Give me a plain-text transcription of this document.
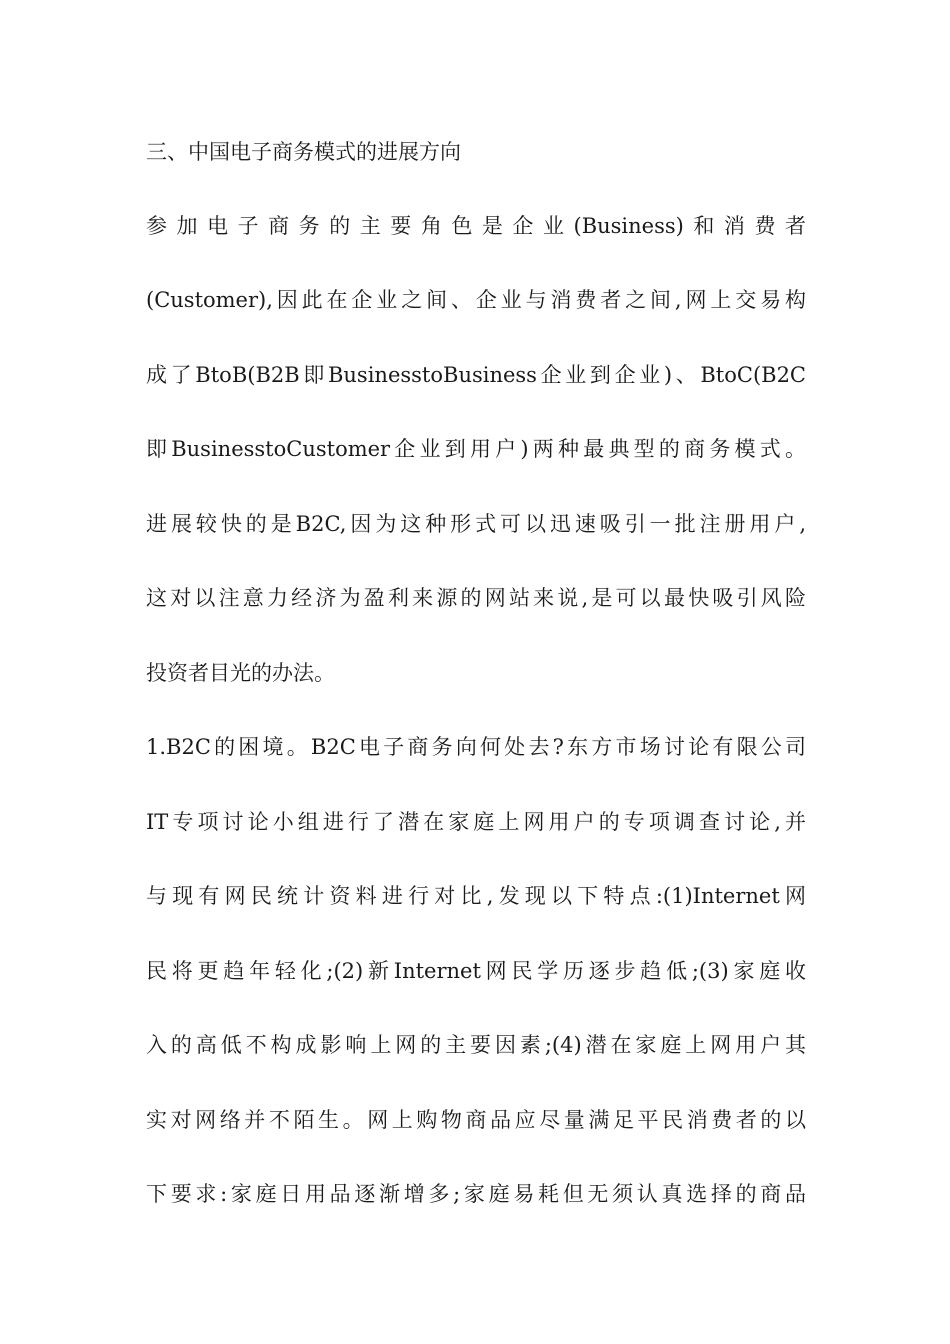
三、中国电子商务模式的进展方向
参加电子商务的主要角色是企业(Business)和消费者
(Customer),因此在企业之间、企业与消费者之间,网上交易构
成了BtoB(B2B即BusinesstoBusiness企业到企业)、BtoC(B2C
即BusinesstoCustomer企业到用户)两种最典型的商务模式。
进展较快的是B2C,因为这种形式可以迅速吸引一批注册用户,
这对以注意力经济为盈利来源的网站来说,是可以最快吸引风险
投资者目光的办法。
1.B2C的困境。B2C电子商务向何处去?东方市场讨论有限公司
IT专项讨论小组进行了潜在家庭上网用户的专项调查讨论,并
与现有网民统计资料进行对比,发现以下特点:(1)Internet网
民将更趋年轻化;(2)新Internet网民学历逐步趋低;(3)家庭收
入的高低不构成影响上网的主要因素;(4)潜在家庭上网用户其
实对网络并不陌生。网上购物商品应尽量满足平民消费者的以
下要求:家庭日用品逐渐增多;家庭易耗但无须认真选择的商品
